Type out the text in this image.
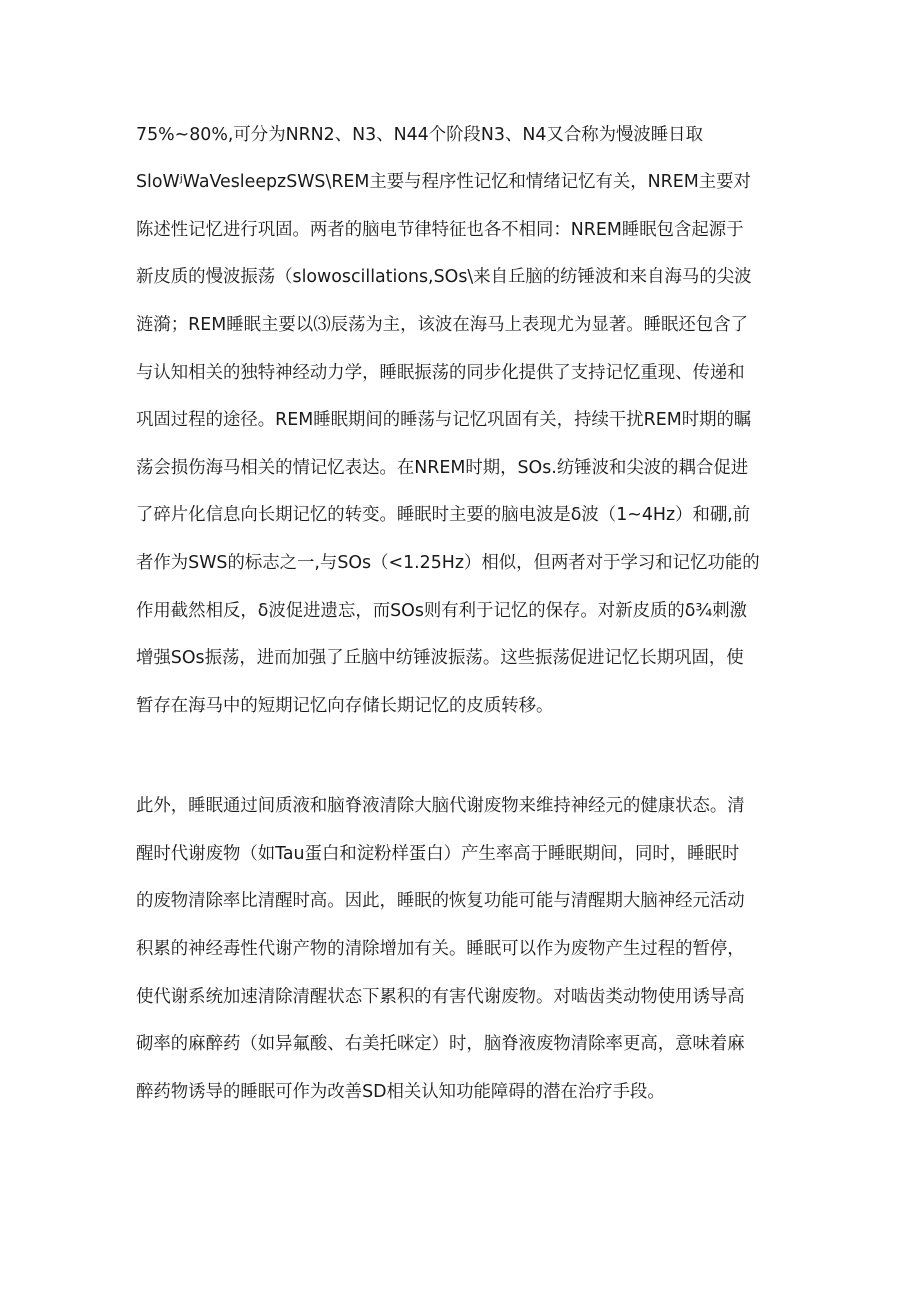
75%~80%,可分为NRN2、N3、N44个阶段N3、N4又合称为慢波睡日取
SloWʲWaVesleepᴢSWS\REM主要与程序性记忆和情绪记忆有关，NREM主要对
陈述性记忆进行巩固。两者的脑电节律特征也各不相同：NREM睡眠包含起源于
新皮质的慢波振荡（slowoscillations,SOs\来自丘脑的纺锤波和来自海马的尖波
涟漪；REM睡眠主要以⑶辰荡为主，该波在海马上表现尤为显著。睡眠还包含了
与认知相关的独特神经动力学，睡眠振荡的同步化提供了支持记忆重现、传递和
巩固过程的途径。REM睡眠期间的睡荡与记忆巩固有关，持续干扰REM时期的瞩
荡会损伤海马相关的情记忆表达。在NREM时期，SOs.纺锤波和尖波的耦合促进
了碎片化信息向长期记忆的转变。睡眠时主要的脑电波是δ波（1~4Hz）和硼,前
者作为SWS的标志之一,与SOs（<1.25Hz）相似，但两者对于学习和记忆功能的
作用截然相反，δ波促进遗忘，而SOs则有利于记忆的保存。对新皮质的δ¾刺激
增强SOs振荡，进而加强了丘脑中纺锤波振荡。这些振荡促进记忆长期巩固，使
暂存在海马中的短期记忆向存储长期记忆的皮质转移。
此外，睡眠通过间质液和脑脊液清除大脑代谢废物来维持神经元的健康状态。清
醒时代谢废物（如Tau蛋白和淀粉样蛋白）产生率高于睡眠期间，同时，睡眠时
的废物清除率比清醒时高。因此，睡眠的恢复功能可能与清醒期大脑神经元活动
积累的神经毒性代谢产物的清除增加有关。睡眠可以作为废物产生过程的暂停，
使代谢系统加速清除清醒状态下累积的有害代谢废物。对啮齿类动物使用诱导高
砌率的麻醉药（如异氟酸、右美托咪定）时，脑脊液废物清除率更高，意味着麻
醉药物诱导的睡眠可作为改善SD相关认知功能障碍的潜在治疗手段。
